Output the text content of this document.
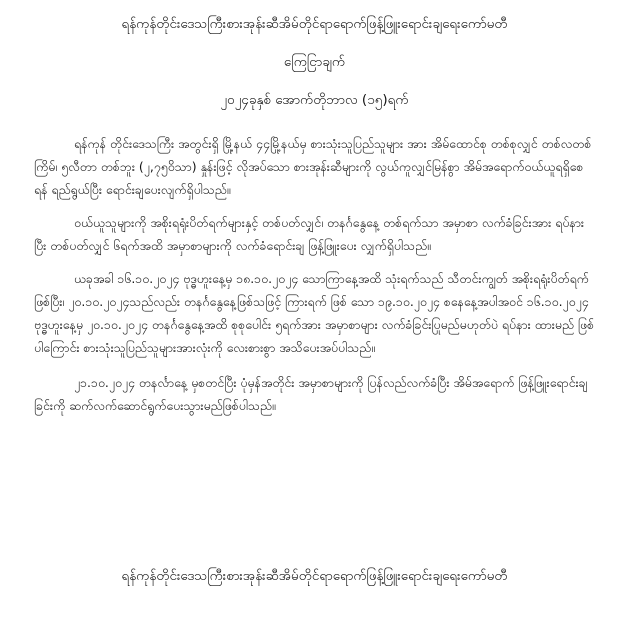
ရန်ကုန်တိုင်းဒေသကြီးစားအုန်းဆီအိမ်တိုင်ရာရောက်ဖြန့်ဖြူးရောင်းချရေးကော်မတီ

ကြေငြာချက်

၂၀၂၄ခုနှစ် အောက်တိုဘာလ (၁၅)ရက်

ရန်ကုန် တိုင်းဒေသကြီး အတွင်းရှိ မြို့နယ် ၄၄မြို့နယ်မှ စားသုံးသူပြည်သူများ အား အိမ်ထောင်စု တစ်စုလျှင် တစ်လတစ်ကြိမ်၊ ၅လီတာ တစ်ဘူး (၂,၇၅ဝိသာ) နှုန်းဖြင့် လိုအပ်သော စားအုန်းဆီများကို လွယ်ကူလျှင်မြန်စွာ အိမ်အရောက်ဝယ်ယူရရှိစေရန် ရည်ရွယ်ပြီး ရောင်းချပေးလျက်ရှိပါသည်။

ဝယ်ယူသူများကို အစိုးရရုံးပိတ်ရက်များနှင့် တစ်ပတ်လျှင်၊ တနင်္ဂနွေနေ့ တစ်ရက်သာ အမှာစာ လက်ခံခြင်းအား ရပ်နားပြီး တစ်ပတ်လျှင် ၆ရက်အထိ အမှာစာများကို လက်ခံရောင်းချ ဖြန့်ဖြူးပေး လျှက်ရှိပါသည်။

ယခုအခါ ၁၆.၁၀.၂၀၂၄ ဗုဒ္ဓဟူးနေ့မှ ၁၈.၁၀.၂၀၂၄ သောကြာနေ့အထိ သုံးရက်သည် သီတင်းကျွတ် အစိုးရရုံးပိတ်ရက်ဖြစ်ပြီး၊ ၂၀.၁၀.၂၀၂၄သည်လည်း တနင်္ဂနွေနေ့ဖြစ်သဖြင့် ကြားရက် ဖြစ် သော ၁၉.၁၀.၂၀၂၄ စနေနေ့အပါအဝင် ၁၆.၁၀.၂၀၂၄ ဗုဒ္ဓဟူးနေ့မှ ၂၀.၁၀.၂၀၂၄ တနင်္ဂနွေနေ့အထိ စုစုပေါင်း ၅ရက်အား အမှာစာများ လက်ခံခြင်းပြုမည်မဟုတ်ပဲ ရပ်နား ထားမည် ဖြစ်ပါကြောင်း စားသုံးသူပြည်သူများအားလုံးကို လေးစားစွာ အသိပေးအပ်ပါသည်။

၂၁.၁၀.၂၀၂၄ တနင်္လာနေ့ မှစတင်ပြီး ပုံမှန်အတိုင်း အမှာစာများကို ပြန်လည်လက်ခံပြီး အိမ်အရောက် ဖြန့်ဖြူးရောင်းချခြင်းကို ဆက်လက်ဆောင်ရွက်ပေးသွားမည်ဖြစ်ပါသည်။

ရန်ကုန်တိုင်းဒေသကြီးစားအုန်းဆီအိမ်တိုင်ရာရောက်ဖြန့်ဖြူးရောင်းချရေးကော်မတီ
